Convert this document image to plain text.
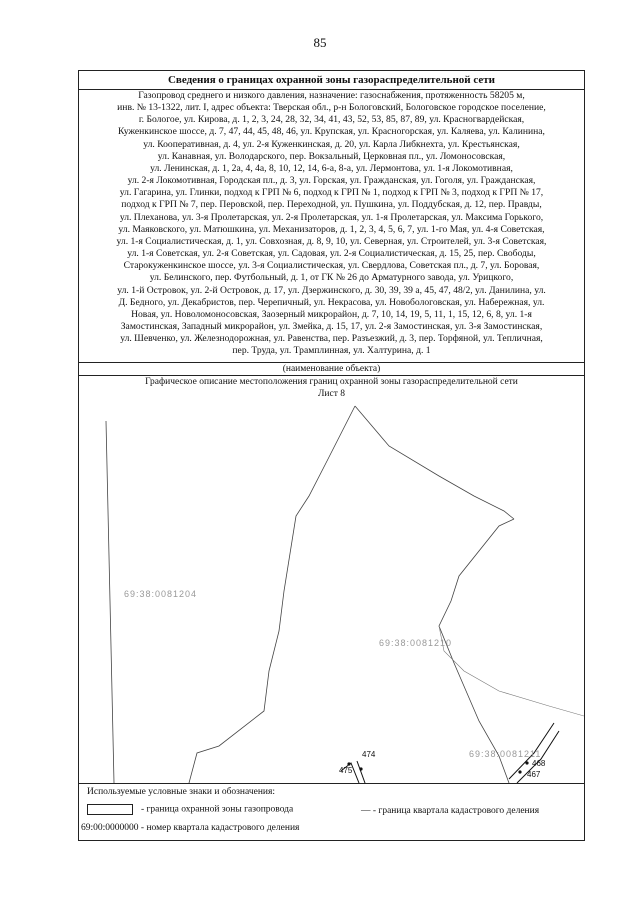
85
Сведения о границах охранной зоны газораспределительной сети
Газопровод среднего и низкого давления, назначение: газоснабжения, протяженность 58205 м,
инв. № 13-1322, лит. I, адрес объекта: Тверская обл., р-н Бологовский, Бологовское городское поселение,
г. Бологое, ул. Кирова, д. 1, 2, 3, 24, 28, 32, 34, 41, 43, 52, 53, 85, 87, 89, ул. Красногвардейская,
Куженкинское шоссе, д. 7, 47, 44, 45, 48, 46, ул. Крупская, ул. Красногорская, ул. Каляева, ул. Калинина,
ул. Кооперативная, д. 4, ул. 2-я Куженкинская, д. 20, ул. Карла Либкнехта, ул. Крестьянская,
ул. Канавная, ул. Володарского, пер. Вокзальный, Церковная пл., ул. Ломоносовская,
ул. Ленинская, д. 1, 2а, 4, 4а, 8, 10, 12, 14, 6-а, 8-а, ул. Лермонтова, ул. 1-я Локомотивная,
ул. 2-я Локомотивная, Городская пл., д. 3, ул. Горская, ул. Гражданская, ул. Гоголя, ул. Гражданская,
ул. Гагарина, ул. Глинки, подход к ГРП № 6, подход к ГРП № 1, подход к ГРП № 3, подход к ГРП № 17,
подход к ГРП № 7, пер. Перовской, пер. Переходной, ул. Пушкина, ул. Поддубская, д. 12, пер. Правды,
ул. Плеханова, ул. 3-я Пролетарская, ул. 2-я Пролетарская, ул. 1-я Пролетарская, ул. Максима Горького,
ул. Маяковского, ул. Матюшкина, ул. Механизаторов, д. 1, 2, 3, 4, 5, 6, 7, ул. 1-го Мая, ул. 4-я Советская,
ул. 1-я Социалистическая, д. 1, ул. Совхозная, д. 8, 9, 10, ул. Северная, ул. Строителей, ул. 3-я Советская,
ул. 1-я Советская, ул. 2-я Советская, ул. Садовая, ул. 2-я Социалистическая, д. 15, 25, пер. Свободы,
Старокуженкинское шоссе, ул. 3-я Социалистическая, ул. Свердлова, Советская пл., д. 7, ул. Боровая,
ул. Белинского, пер. Футбольный, д. 1, от ГК № 26 до Арматурного завода, ул. Урицкого,
ул. 1-й Островок, ул. 2-й Островок, д. 17, ул. Дзержинского, д. 30, 39, 39 а, 45, 47, 48/2, ул. Данилина, ул.
Д. Бедного, ул. Декабристов, пер. Черепичный, ул. Некрасова, ул. Новобологовская, ул. Набережная, ул.
Новая, ул. Новоломоносовская, Заозерный микрорайон, д. 7, 10, 14, 19, 5, 11, 1, 15, 12, 6, 8, ул. 1-я
Замостинская, Западный микрорайон, ул. Змейка, д. 15, 17, ул. 2-я Замостинская, ул. 3-я Замостинская,
ул. Шевченко, ул. Железнодорожная, ул. Равенства, пер. Разъезжий, д. 3, пер. Торфяной, ул. Тепличная,
пер. Труда, ул. Трамплинная, ул. Халтурина, д. 1
(наименование объекта)
Графическое описание местоположения границ охранной зоны газораспределительной сети
Лист 8
69:38:0081204
69:38:0081210
69:38:0081211
474
475
468
467
Используемые условные знаки и обозначения:
- граница охранной зоны газопровода	— - граница квартала кадастрового деления
69:00:0000000 - номер квартала кадастрового деления
